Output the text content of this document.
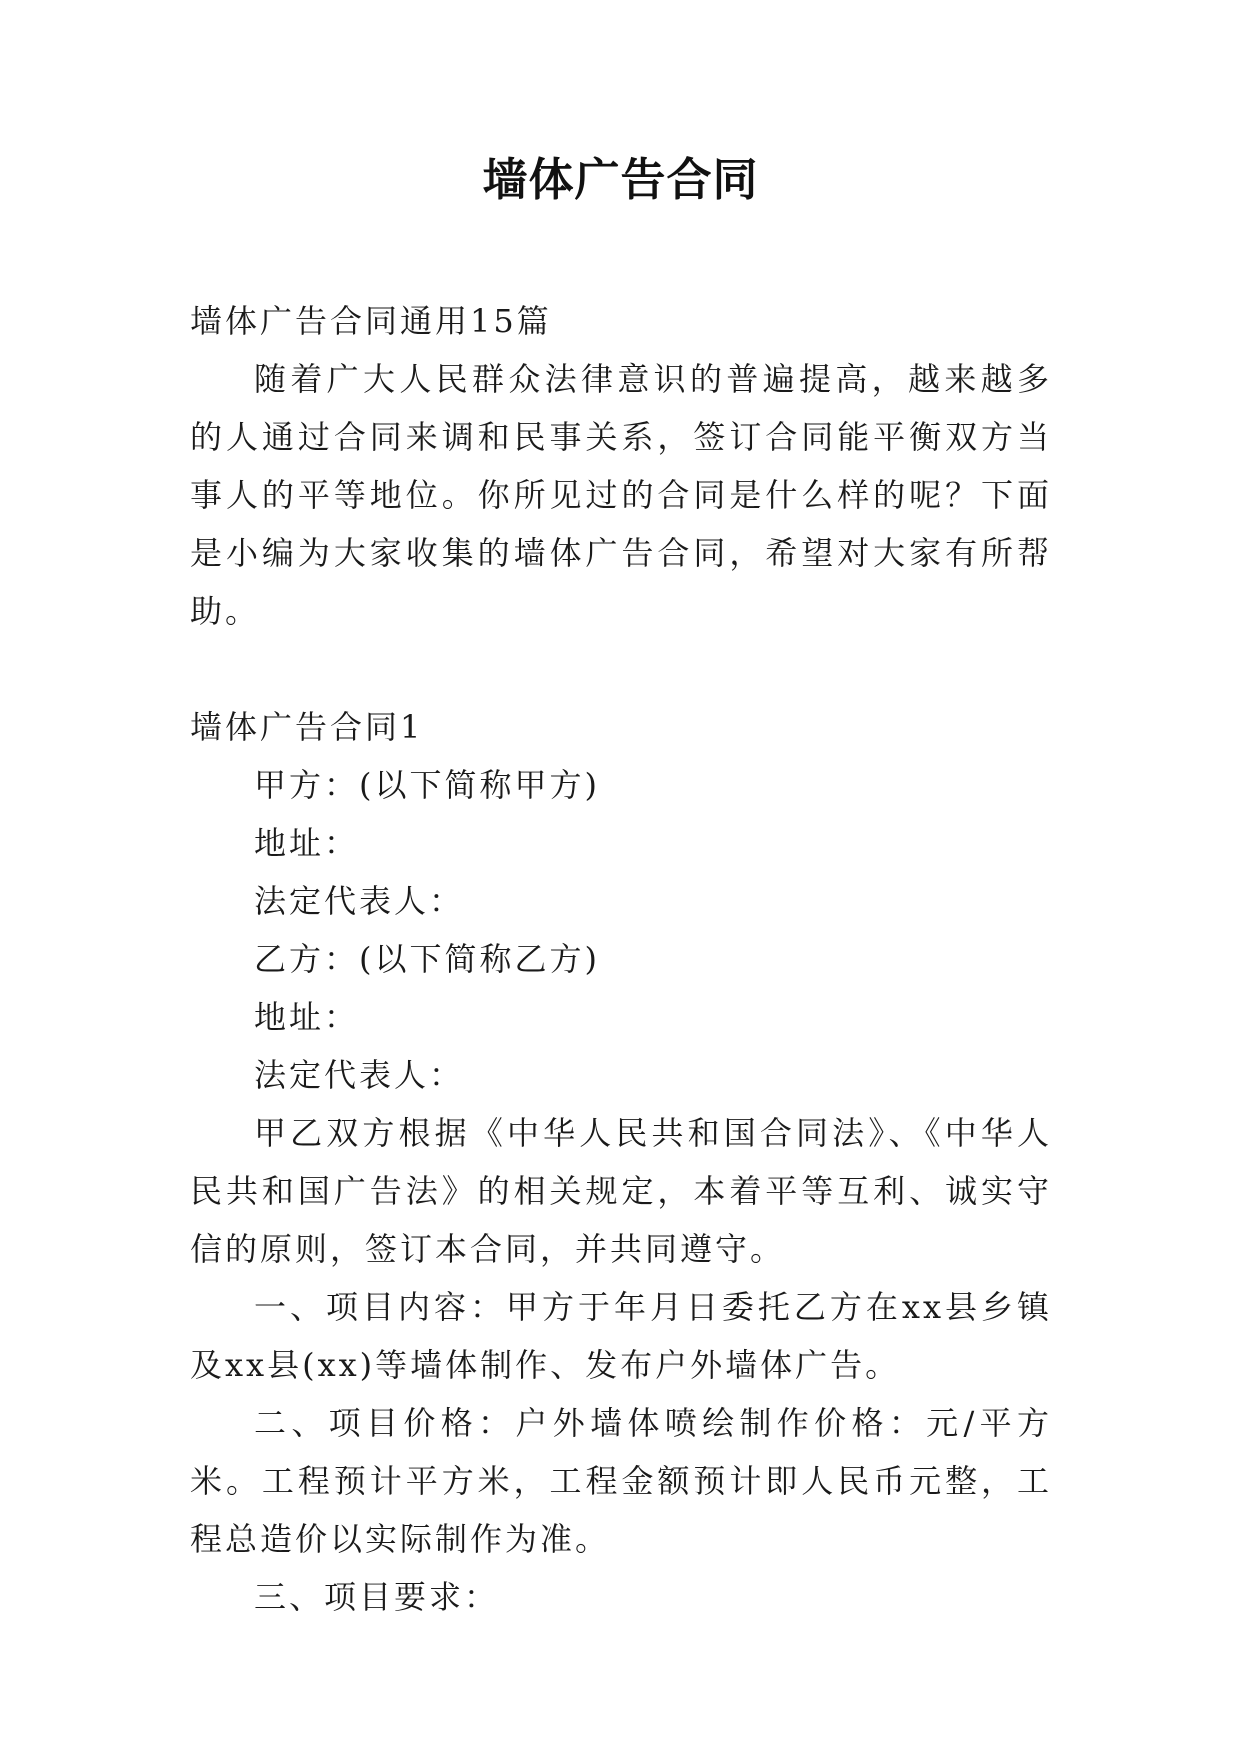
墙体广告合同

墙体广告合同通用15篇

随着广大人民群众法律意识的普遍提高，越来越多的人通过合同来调和民事关系，签订合同能平衡双方当事人的平等地位。你所见过的合同是什么样的呢？下面是小编为大家收集的墙体广告合同，希望对大家有所帮助。

墙体广告合同1

甲方：(以下简称甲方)

地址：

法定代表人：

乙方：(以下简称乙方)

地址：

法定代表人：

甲乙双方根据《中华人民共和国合同法》、《中华人民共和国广告法》的相关规定，本着平等互利、诚实守信的原则，签订本合同，并共同遵守。

一、项目内容：甲方于年月日委托乙方在xx县乡镇及xx县(xx)等墙体制作、发布户外墙体广告。

二、项目价格：户外墙体喷绘制作价格：元/平方米。工程预计平方米，工程金额预计即人民币元整，工程总造价以实际制作为准。

三、项目要求：
